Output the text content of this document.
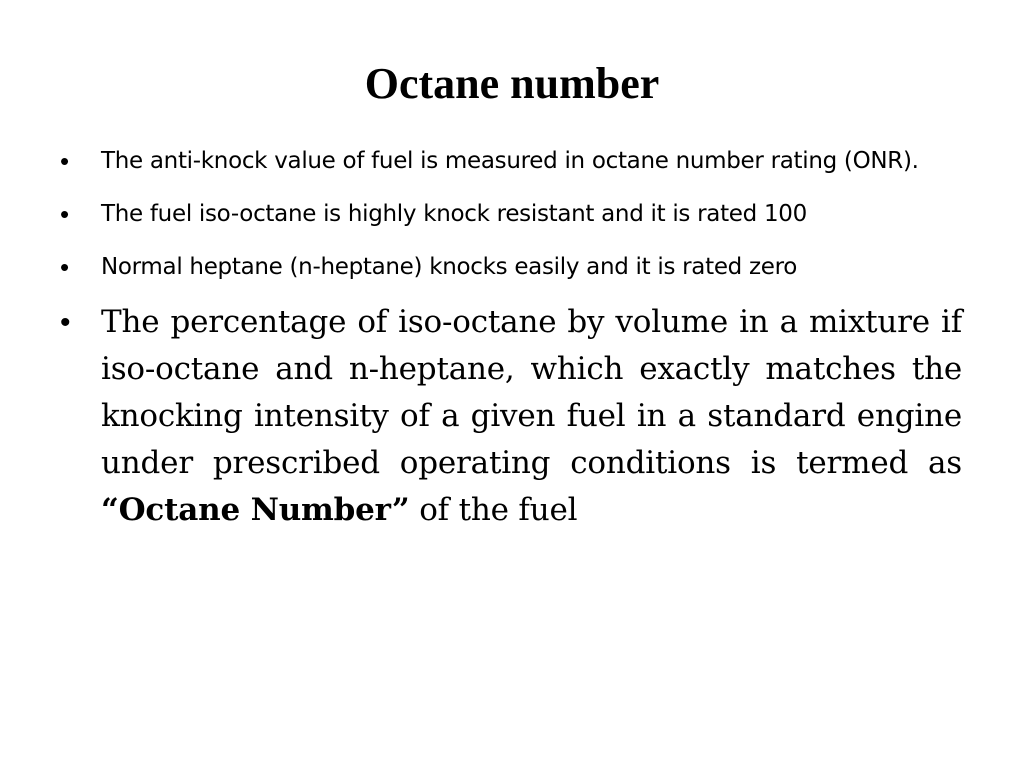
Octane number
• The anti-knock value of fuel is measured in octane number rating (ONR).
• The fuel iso-octane is highly knock resistant and it is rated 100
• Normal heptane (n-heptane) knocks easily and it is rated zero
• The percentage of iso-octane by volume in a mixture if iso-octane and n-heptane, which exactly matches the knocking intensity of a given fuel in a standard engine under prescribed operating conditions is termed as “Octane Number” of the fuel
